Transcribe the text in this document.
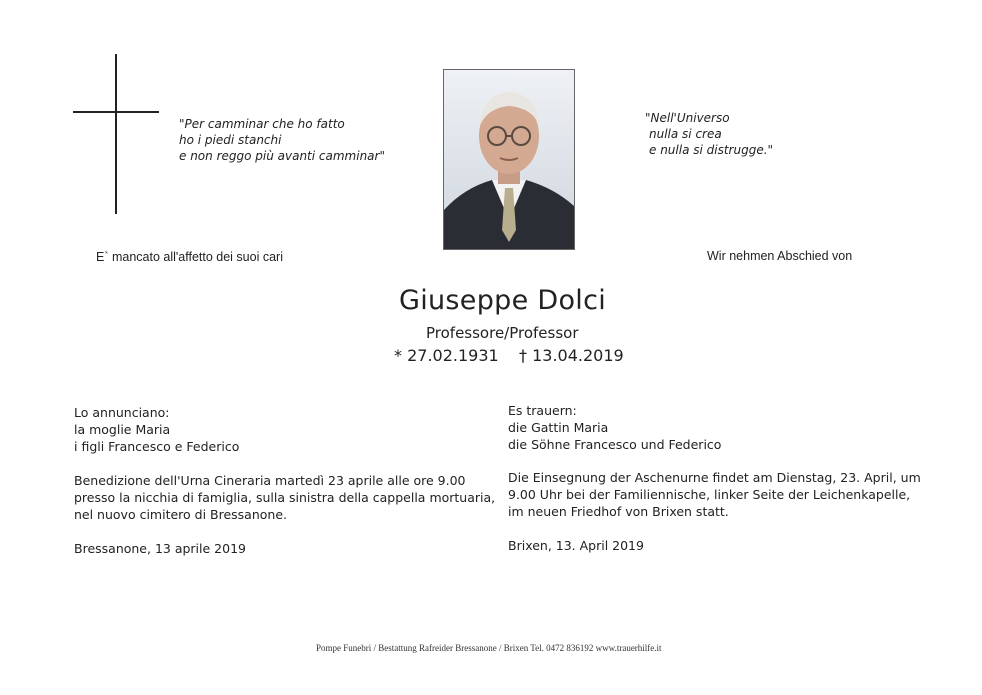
"Per camminar che ho fatto
ho i piedi stanchi
e non reggo più avanti camminar"
"Nell'Universo
nulla si crea
e nulla si distrugge."
E` mancato all'affetto dei suoi cari	Wir nehmen Abschied von
Giuseppe Dolci
Professore/Professor
* 27.02.1931 † 13.04.2019
Lo annunciano:
la moglie Maria
i figli Francesco e Federico
Benedizione dell'Urna Cineraria martedì 23 aprile alle ore 9.00
presso la nicchia di famiglia, sulla sinistra della cappella mortuaria,
nel nuovo cimitero di Bressanone.
Bressanone, 13 aprile 2019
Es trauern:
die Gattin Maria
die Söhne Francesco und Federico
Die Einsegnung der Aschenurne findet am Dienstag, 23. April, um
9.00 Uhr bei der Familiennische, linker Seite der Leichenkapelle,
im neuen Friedhof von Brixen statt.
Brixen, 13. April 2019
Pompe Funebri / Bestattung Rafreider Bressanone / Brixen Tel. 0472 836192 www.trauerhilfe.it
